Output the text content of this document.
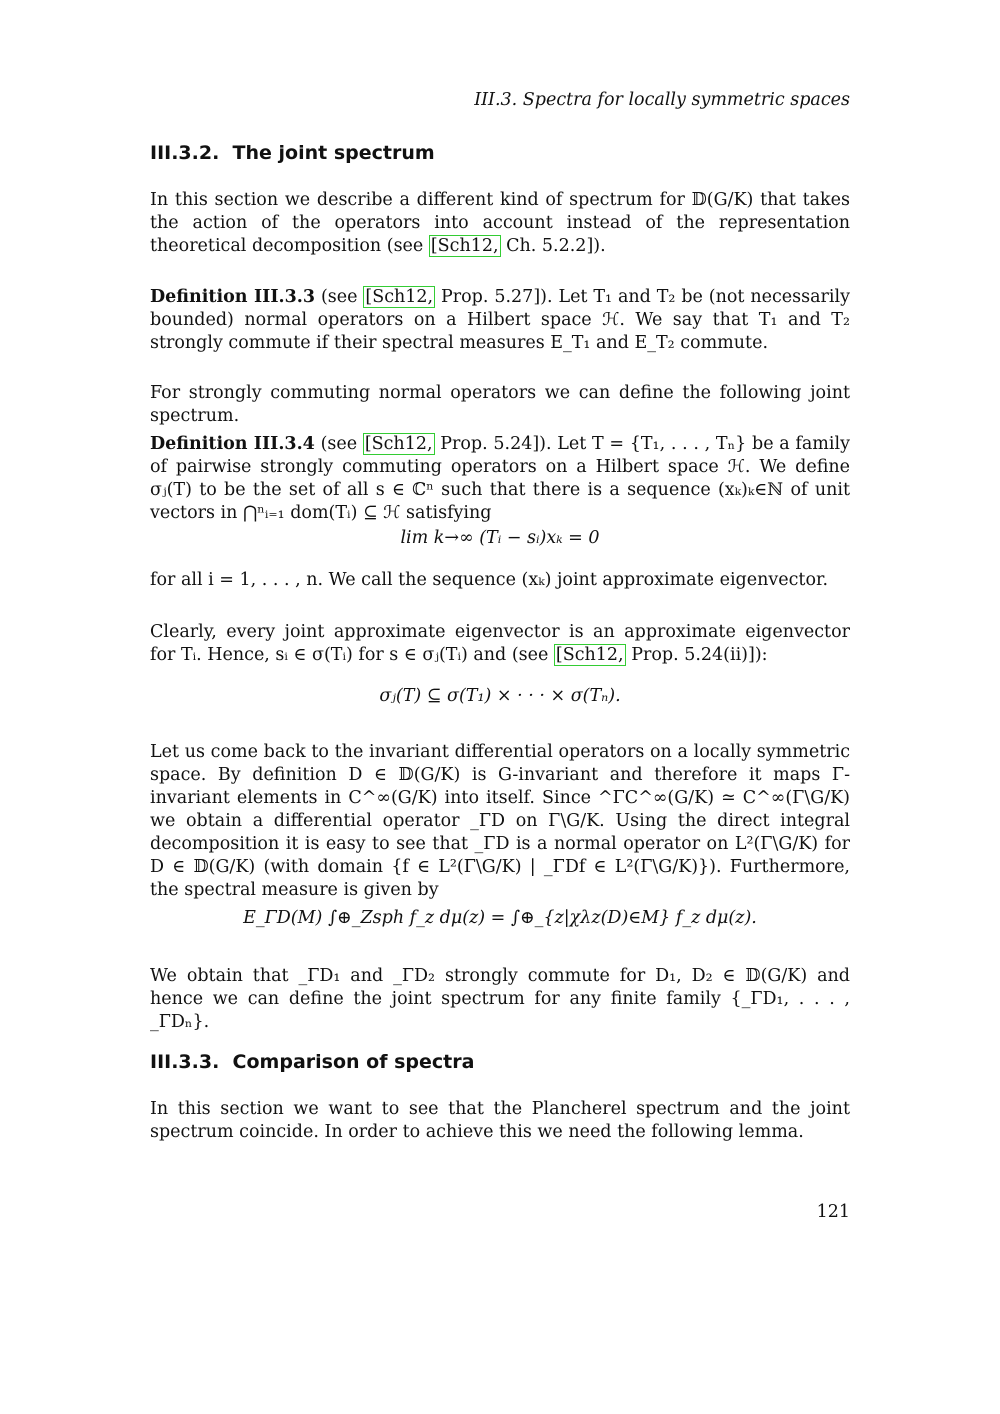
III.3. Spectra for locally symmetric spaces
III.3.2. The joint spectrum
In this section we describe a different kind of spectrum for 𝔻(G/K) that takes the action of the operators into account instead of the representation theoretical decomposition (see [Sch12, Ch. 5.2.2]).
Definition III.3.3 (see [Sch12, Prop. 5.27]). Let T₁ and T₂ be (not necessarily bounded) normal operators on a Hilbert space ℋ. We say that T₁ and T₂ strongly commute if their spectral measures E_T₁ and E_T₂ commute.
For strongly commuting normal operators we can define the following joint spectrum.
Definition III.3.4 (see [Sch12, Prop. 5.24]). Let T = {T₁, . . . , Tₙ} be a family of pairwise strongly commuting operators on a Hilbert space ℋ. We define σⱼ(T) to be the set of all s ∈ ℂⁿ such that there is a sequence (xₖ)ₖ∈ℕ of unit vectors in ⋂ⁿᵢ₌₁ dom(Tᵢ) ⊆ ℋ satisfying
lim k→∞ (Tᵢ − sᵢ)xₖ = 0
for all i = 1, . . . , n. We call the sequence (xₖ) joint approximate eigenvector.
Clearly, every joint approximate eigenvector is an approximate eigenvector for Tᵢ. Hence, sᵢ ∈ σ(Tᵢ) for s ∈ σⱼ(Tᵢ) and (see [Sch12, Prop. 5.24(ii)]):
σⱼ(T) ⊆ σ(T₁) × · · · × σ(Tₙ).
Let us come back to the invariant differential operators on a locally symmetric space. By definition D ∈ 𝔻(G/K) is G-invariant and therefore it maps Γ-invariant elements in C^∞(G/K) into itself. Since ^ΓC^∞(G/K) ≃ C^∞(Γ\G/K) we obtain a differential operator _ΓD on Γ\G/K. Using the direct integral decomposition it is easy to see that _ΓD is a normal operator on L²(Γ\G/K) for D ∈ 𝔻(G/K) (with domain {f ∈ L²(Γ\G/K) | _ΓDf ∈ L²(Γ\G/K)}). Furthermore, the spectral measure is given by
E_ΓD(M) ∫⊕_Zsph f_z dμ(z) = ∫⊕_{z|χλz(D)∈M} f_z dμ(z).
We obtain that _ΓD₁ and _ΓD₂ strongly commute for D₁, D₂ ∈ 𝔻(G/K) and hence we can define the joint spectrum for any finite family {_ΓD₁, . . . , _ΓDₙ}.
III.3.3. Comparison of spectra
In this section we want to see that the Plancherel spectrum and the joint spectrum coincide. In order to achieve this we need the following lemma.
121
